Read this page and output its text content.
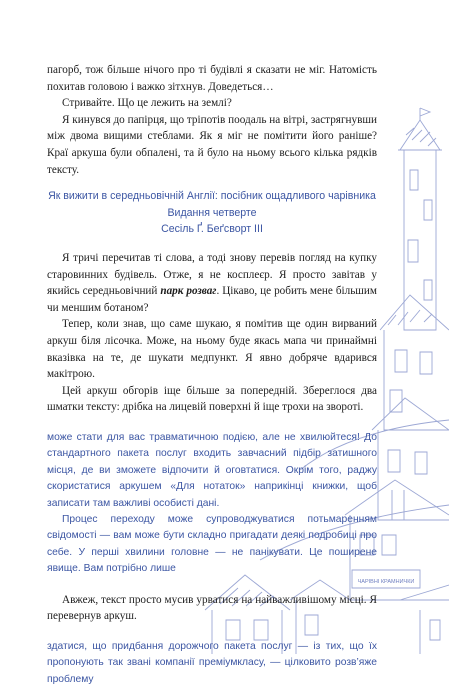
ЧАРІВНІ КРАМНИЧКИ

пагорб, тож більше нічого про ті будівлі я сказати не міг. Натомість похитав головою і важко зітхнув. Доведеться…

Стривайте. Що це лежить на землі?

Я кинувся до папірця, що тріпотів поодаль на вітрі, застрягнувши між двома вищими стеблами. Як я міг не помітити його раніше? Краї аркуша були обпалені, та й було на ньому всього кілька рядків тексту.

Як вижити в середньовічній Англії: посібник ощадливого чарівника
Видання четверте
Сесіль Ґ. Беґсворт III

Я тричі перечитав ті слова, а тоді знову перевів погляд на купку старовинних будівель. Отже, я не косплеєр. Я просто завітав у якийсь середньовічний парк розваг. Цікаво, це робить мене більшим чи меншим ботаном?

Тепер, коли знав, що саме шукаю, я помітив ще один вирваний аркуш біля лісочка. Може, на ньому буде якась мапа чи принаймні вказівка на те, де шукати медпункт. Я явно добряче вдарився макітрою.

Цей аркуш обгорів іще більше за попередній. Збереглося два шматки тексту: дрібка на лицевій поверхні й іще трохи на звороті.

може стати для вас травматичною подією, але не хвилюйтеся! До стандартного пакета послуг входить завчасний підбір затишного місця, де ви зможете відпочити й оговтатися. Окрім того, раджу скористатися аркушем «Для нотаток» наприкінці книжки, щоб записати там важливі особисті дані.

Процес переходу може супроводжуватися потьмаренням свідомості — вам може бути складно пригадати деякі подробиці про себе. У перші хвилини головне — не панікувати. Це поширене явище. Вам потрібно лише

Авжеж, текст просто мусив урватися на найважливішому місці. Я перевернув аркуш.

здатися, що придбання дорожчого пакета послуг — із тих, що їх пропонують так звані компанії преміумкласу, — цілковито розв’яже проблему
